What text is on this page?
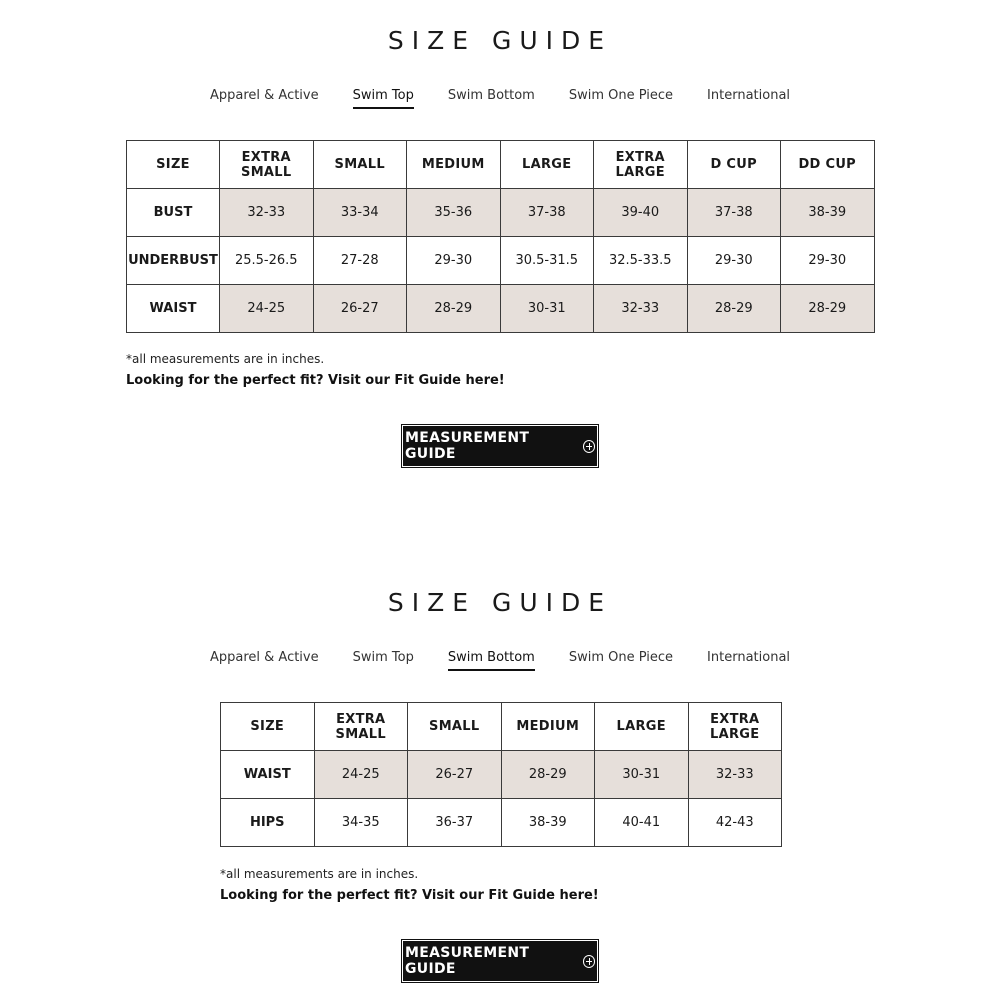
SIZE GUIDE
Apparel & Active	Swim Top	Swim Bottom	Swim One Piece	International
SIZE	EXTRA SMALL	SMALL	MEDIUM	LARGE	EXTRA LARGE	D CUP	DD CUP
BUST	32-33	33-34	35-36	37-38	39-40	37-38	38-39
UNDERBUST	25.5-26.5	27-28	29-30	30.5-31.5	32.5-33.5	29-30	29-30
WAIST	24-25	26-27	28-29	30-31	32-33	28-29	28-29

*all measurements are in inches.

Looking for the perfect fit? Visit our Fit Guide here!

MEASUREMENT GUIDE
SIZE GUIDE
Apparel & Active	Swim Top	Swim Bottom	Swim One Piece	International
SIZE	EXTRA SMALL	SMALL	MEDIUM	LARGE	EXTRA LARGE
WAIST	24-25	26-27	28-29	30-31	32-33
HIPS	34-35	36-37	38-39	40-41	42-43

*all measurements are in inches.

Looking for the perfect fit? Visit our Fit Guide here!

MEASUREMENT GUIDE
